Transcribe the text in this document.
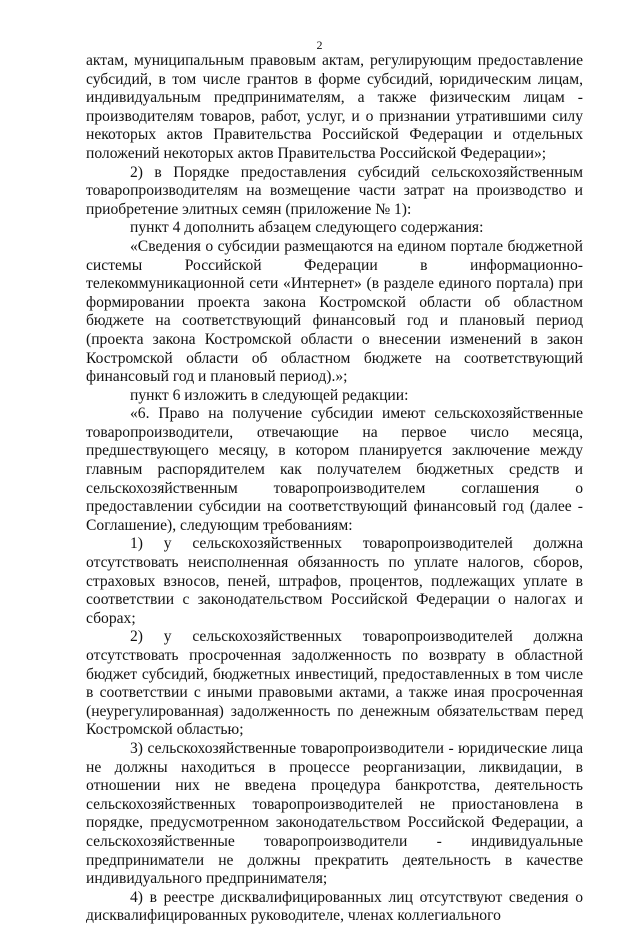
2

актам, муниципальным правовым актам, регулирующим предоставление субсидий, в том числе грантов в форме субсидий, юридическим лицам, индивидуальным предпринимателям, а также физическим лицам - производителям товаров, работ, услуг, и о признании утратившими силу некоторых актов Правительства Российской Федерации и отдельных положений некоторых актов Правительства Российской Федерации»;

2) в Порядке предоставления субсидий сельскохозяйственным товаропроизводителям на возмещение части затрат на производство и приобретение элитных семян (приложение № 1):

пункт 4 дополнить абзацем следующего содержания:

«Сведения о субсидии размещаются на едином портале бюджетной системы Российской Федерации в информационно-телекоммуникационной сети «Интернет» (в разделе единого портала) при формировании проекта закона Костромской области об областном бюджете на соответствующий финансовый год и плановый период (проекта закона Костромской области о внесении изменений в закон Костромской области об областном бюджете на соответствующий финансовый год и плановый период).»;

пункт 6 изложить в следующей редакции:

«6. Право на получение субсидии имеют сельскохозяйственные товаропроизводители, отвечающие на первое число месяца, предшествующего месяцу, в котором планируется заключение между главным распорядителем как получателем бюджетных средств и сельскохозяйственным товаропроизводителем соглашения о предоставлении субсидии на соответствующий финансовый год (далее - Соглашение), следующим требованиям:

1) у сельскохозяйственных товаропроизводителей должна отсутствовать неисполненная обязанность по уплате налогов, сборов, страховых взносов, пеней, штрафов, процентов, подлежащих уплате в соответствии с законодательством Российской Федерации о налогах и сборах;

2) у сельскохозяйственных товаропроизводителей должна отсутствовать просроченная задолженность по возврату в областной бюджет субсидий, бюджетных инвестиций, предоставленных в том числе в соответствии с иными правовыми актами, а также иная просроченная (неурегулированная) задолженность по денежным обязательствам перед Костромской областью;

3) сельскохозяйственные товаропроизводители - юридические лица не должны находиться в процессе реорганизации, ликвидации, в отношении них не введена процедура банкротства, деятельность сельскохозяйственных товаропроизводителей не приостановлена в порядке, предусмотренном законодательством Российской Федерации, а сельскохозяйственные товаропроизводители - индивидуальные предприниматели не должны прекратить деятельность в качестве индивидуального предпринимателя;

4) в реестре дисквалифицированных лиц отсутствуют сведения о дисквалифицированных руководителе, членах коллегиального
